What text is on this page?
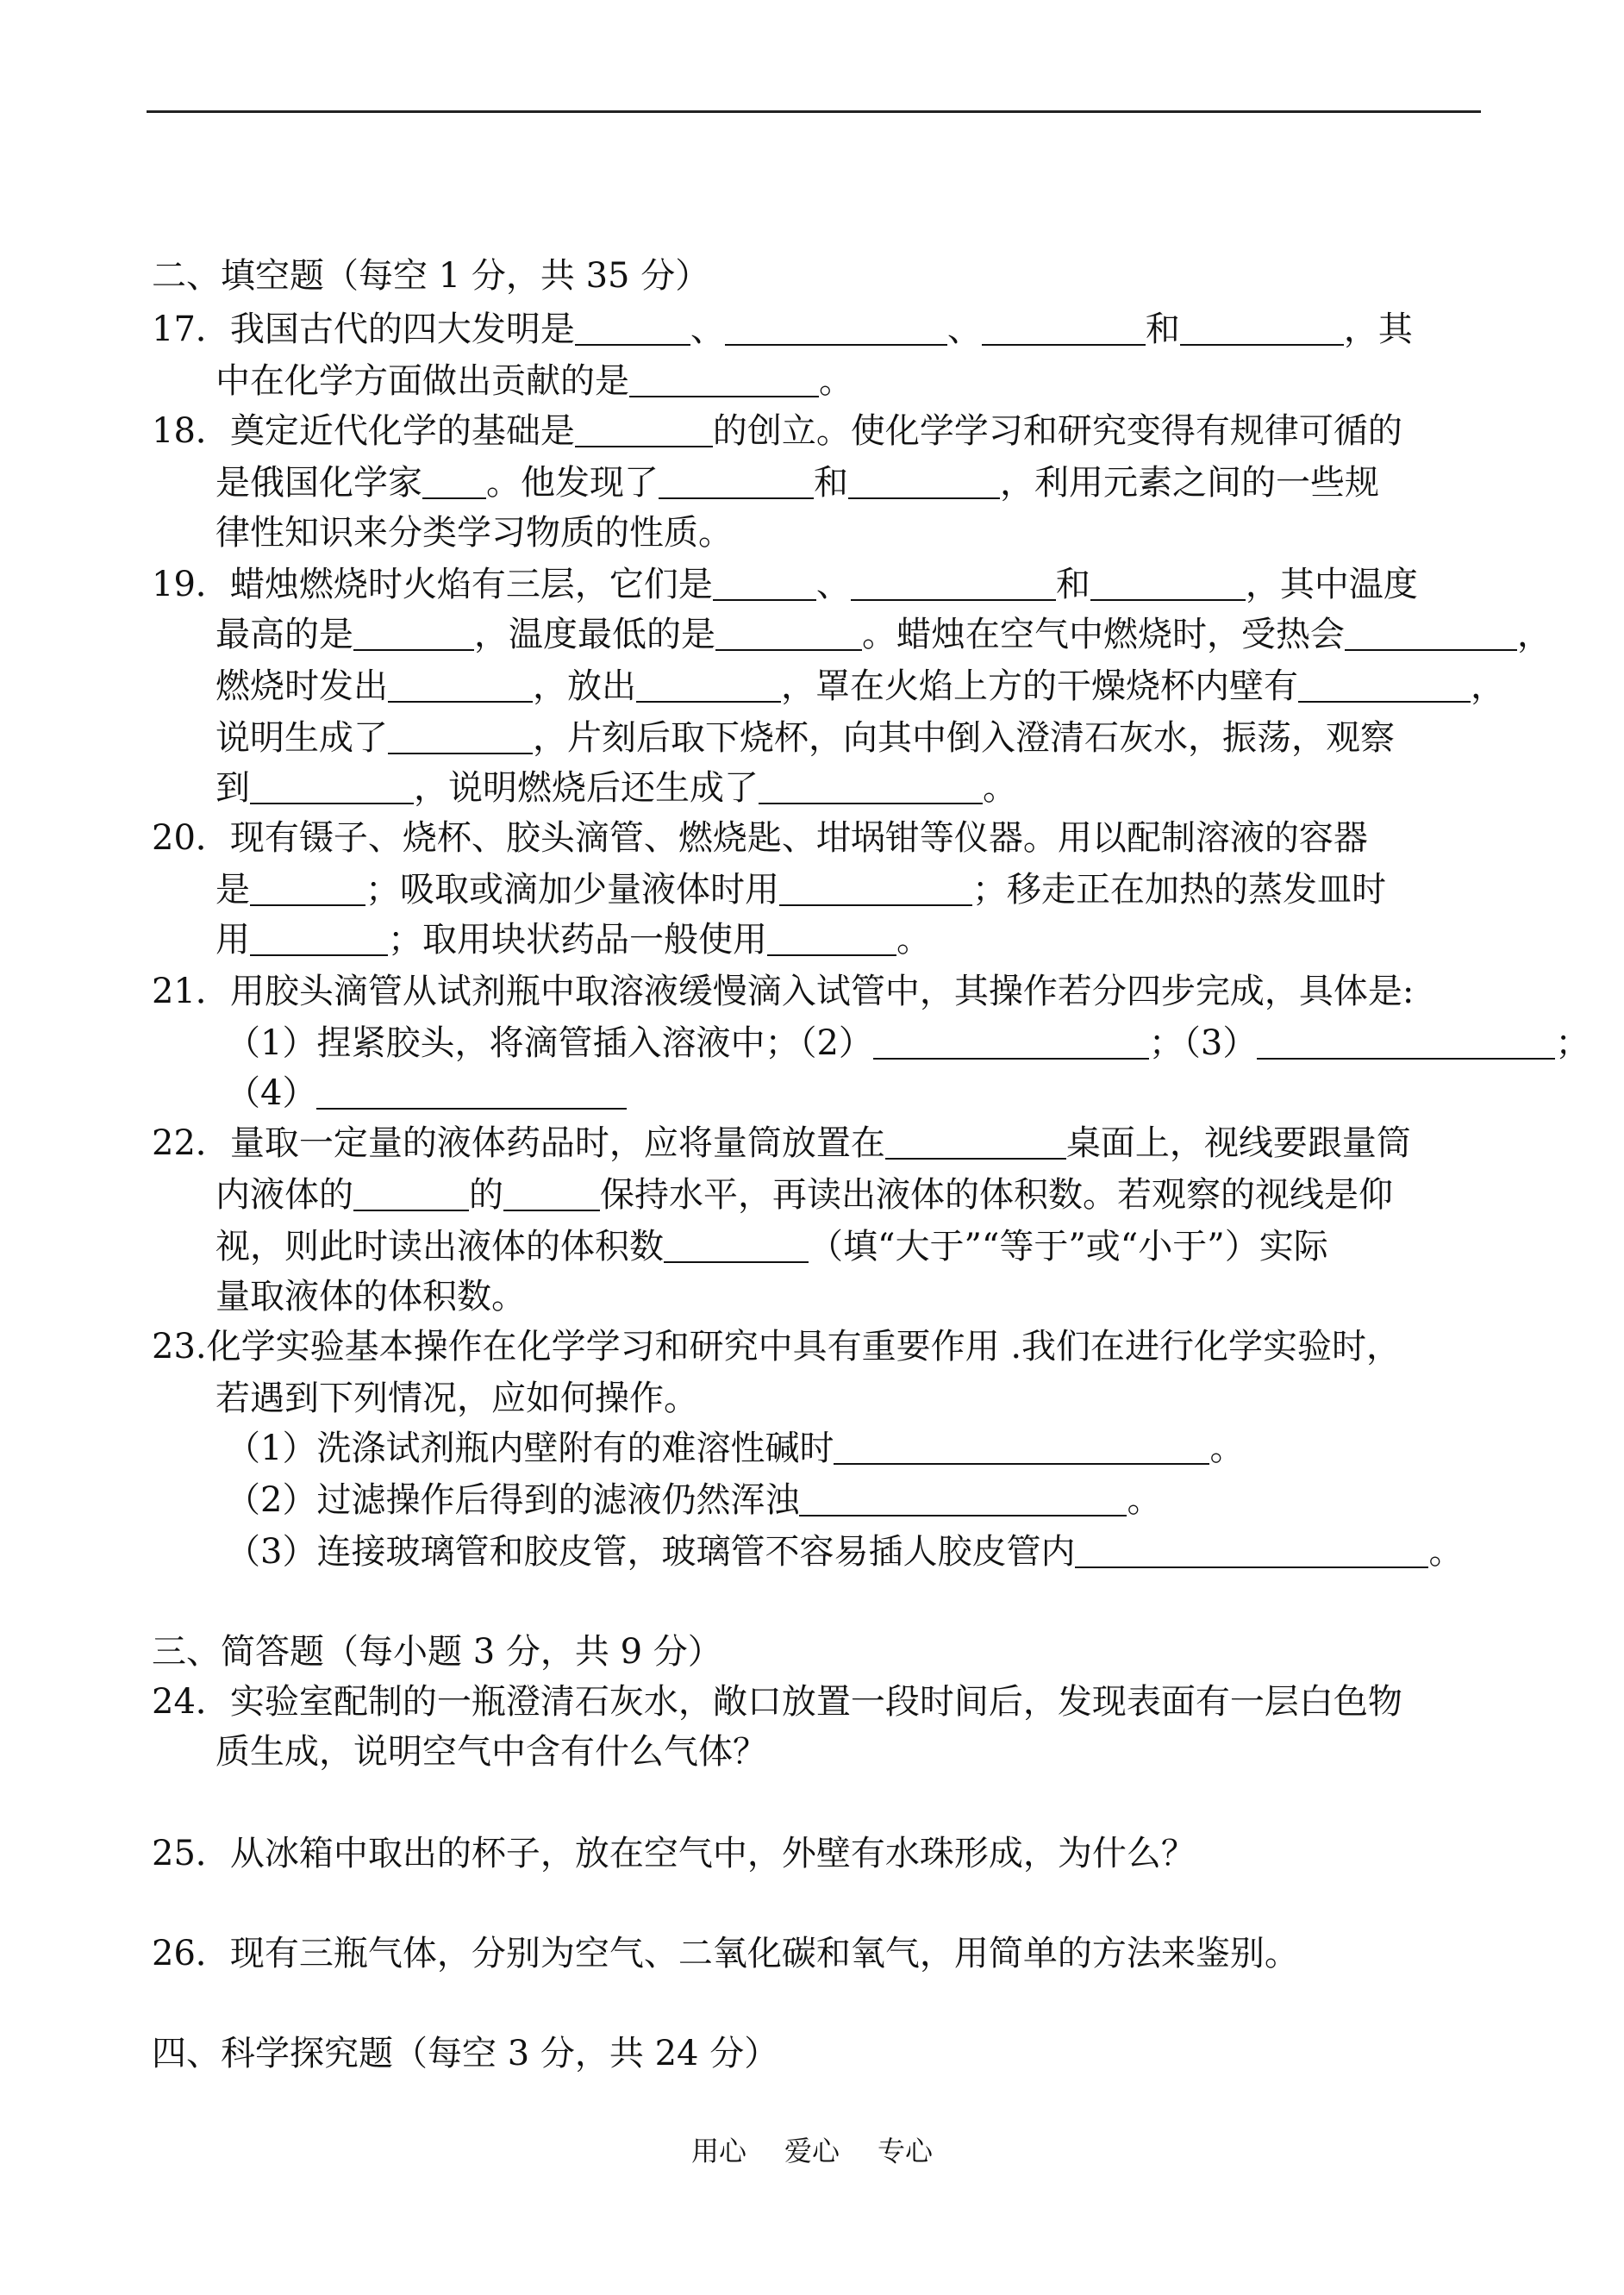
二、填空题（每空 1 分，共 35 分）
17．我国古代的四大发明是	、	、	和	，其
中在化学方面做出贡献的是	。
18．奠定近代化学的基础是	的创立。使化学学习和研究变得有规律可循的
是俄国化学家 。他发现了	和	，利用元素之间的一些规
律性知识来分类学习物质的性质。
19．蜡烛燃烧时火焰有三层，它们是	、	和	，其中温度
最高的是	，温度最低的是	。蜡烛在空气中燃烧时，受热会	，
燃烧时发出	，放出	，罩在火焰上方的干燥烧杯内壁有	，
说明生成了	，片刻后取下烧杯，向其中倒入澄清石灰水，振荡，观察
到	，说明燃烧后还生成了	。
20．现有镊子、烧杯、胶头滴管、燃烧匙、坩埚钳等仪器。用以配制溶液的容器
是	；吸取或滴加少量液体时用	；移走正在加热的蒸发皿时
用	；取用块状药品一般使用	。
21．用胶头滴管从试剂瓶中取溶液缓慢滴入试管中，其操作若分四步完成，具体是:
（1）捏紧胶头，将滴管插入溶液中；（2）	；（3）	；
（4）
22．量取一定量的液体药品时，应将量筒放置在	桌面上，视线要跟量筒
内液体的	的	保持水平，再读出液体的体积数。若观察的视线是仰
视，则此时读出液体的体积数	（填“大于”“等于”或“小于”）实际
量取液体的体积数。
23.化学实验基本操作在化学学习和研究中具有重要作用 .我们在进行化学实验时，
若遇到下列情况，应如何操作。
（1）洗涤试剂瓶内壁附有的难溶性碱时	。
（2）过滤操作后得到的滤液仍然浑浊	。
（3）连接玻璃管和胶皮管，玻璃管不容易插人胶皮管内	。
三、简答题（每小题 3 分，共 9 分）
24．实验室配制的一瓶澄清石灰水，敞口放置一段时间后，发现表面有一层白色物
质生成，说明空气中含有什么气体？
25．从冰箱中取出的杯子，放在空气中，外壁有水珠形成，为什么？
26．现有三瓶气体，分别为空气、二氧化碳和氧气，用简单的方法来鉴别。
四、科学探究题（每空 3 分，共 24 分）
用心 爱心 专心
